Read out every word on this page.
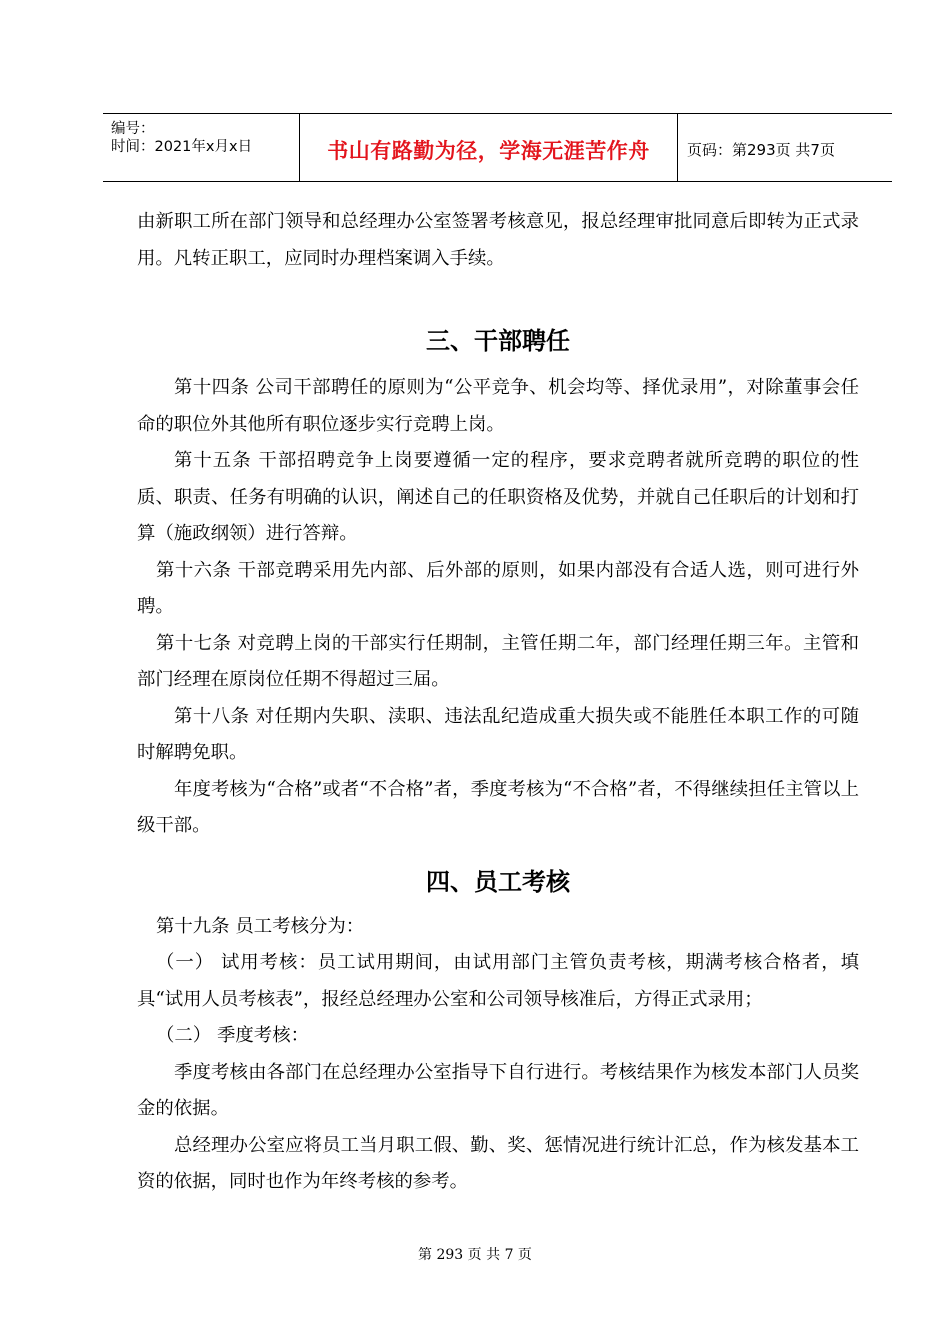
编号：
时间：2021年x月x日	书山有路勤为径，学海无涯苦作舟	页码：第293页 共7页

由新职工所在部门领导和总经理办公室签署考核意见，报总经理审批同意后即转为正式录用。凡转正职工，应同时办理档案调入手续。

三、干部聘任

第十四条 公司干部聘任的原则为“公平竞争、机会均等、择优录用”，对除董事会任命的职位外其他所有职位逐步实行竞聘上岗。

第十五条 干部招聘竞争上岗要遵循一定的程序，要求竞聘者就所竞聘的职位的性质、职责、任务有明确的认识，阐述自己的任职资格及优势，并就自己任职后的计划和打算（施政纲领）进行答辩。

第十六条 干部竞聘采用先内部、后外部的原则，如果内部没有合适人选，则可进行外聘。

第十七条 对竞聘上岗的干部实行任期制，主管任期二年，部门经理任期三年。主管和部门经理在原岗位任期不得超过三届。

第十八条 对任期内失职、渎职、违法乱纪造成重大损失或不能胜任本职工作的可随时解聘免职。

年度考核为“合格”或者“不合格”者，季度考核为“不合格”者，不得继续担任主管以上级干部。

四、员工考核

第十九条 员工考核分为：

（一） 试用考核：员工试用期间，由试用部门主管负责考核，期满考核合格者，填具“试用人员考核表”，报经总经理办公室和公司领导核准后，方得正式录用；

（二） 季度考核：

季度考核由各部门在总经理办公室指导下自行进行。考核结果作为核发本部门人员奖金的依据。

总经理办公室应将员工当月职工假、勤、奖、惩情况进行统计汇总，作为核发基本工资的依据，同时也作为年终考核的参考。

第 293 页 共 7 页
